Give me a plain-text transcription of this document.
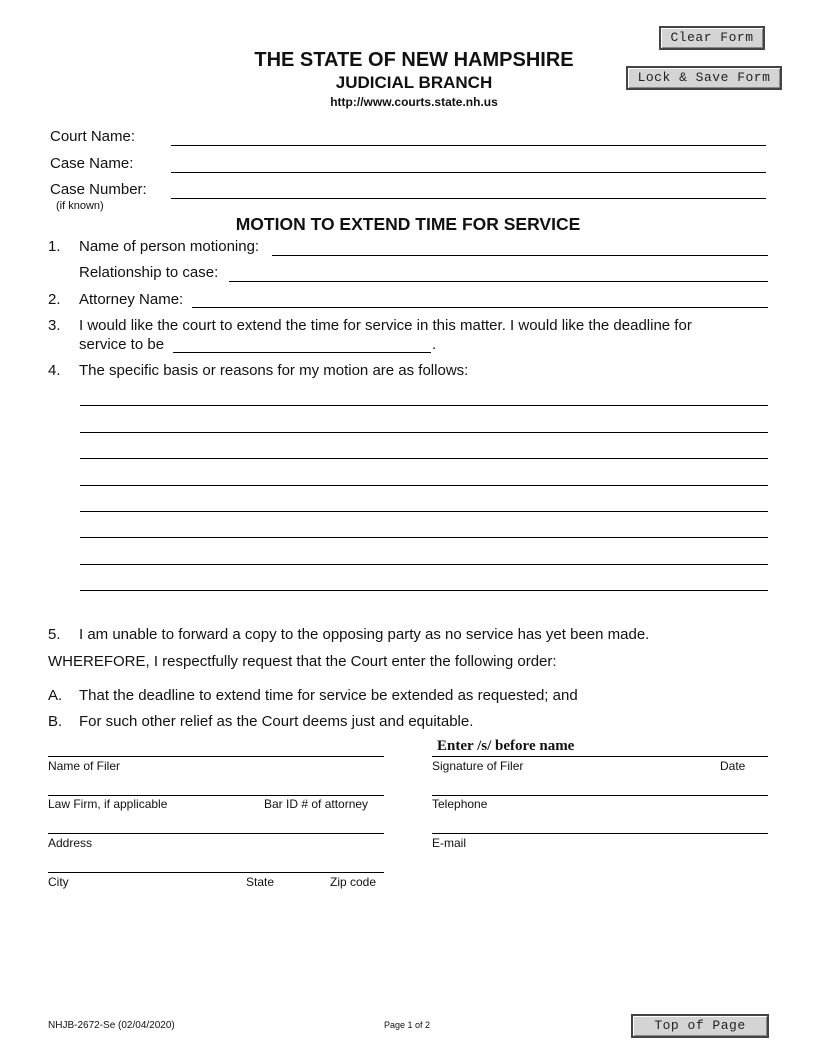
Clear Form
Lock & Save Form
Top of Page
THE STATE OF NEW HAMPSHIRE
JUDICIAL BRANCH
http://www.courts.state.nh.us
Court Name:
Case Name:
Case Number:
(if known)
MOTION TO EXTEND TIME FOR SERVICE
1. Name of person motioning:
Relationship to case:
2. Attorney Name:
3. I would like the court to extend the time for service in this matter. I would like the deadline for
service to be	.
4. The specific basis or reasons for my motion are as follows:
5. I am unable to forward a copy to the opposing party as no service has yet been made.
WHEREFORE, I respectfully request that the Court enter the following order:
A. That the deadline to extend time for service be extended as requested; and
B. For such other relief as the Court deems just and equitable.
Name of Filer
Law Firm, if applicable	Bar ID # of attorney
Address
City	State	Zip code
Enter /s/ before name
Signature of Filer	Date
Telephone
E-mail
NHJB-2672-Se (02/04/2020)	Page 1 of 2
